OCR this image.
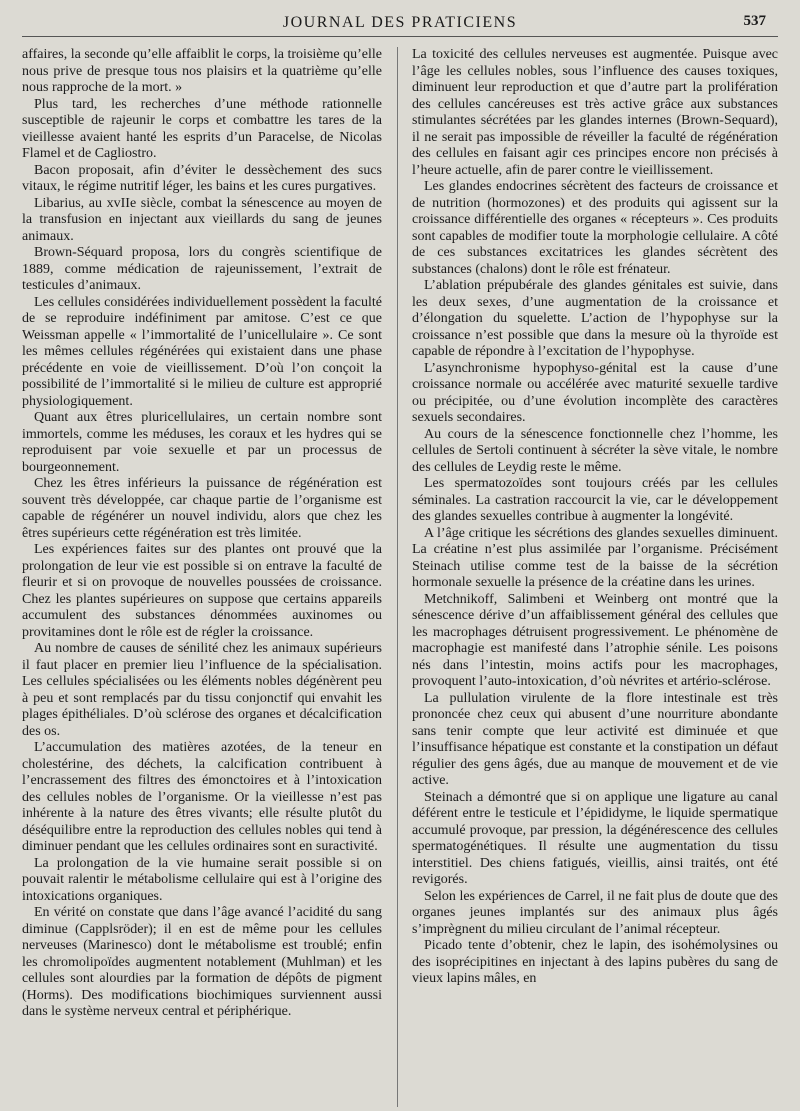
JOURNAL DES PRATICIENS	537

affaires, la seconde qu’elle affaiblit le corps, la troisième qu’elle nous prive de presque tous nos plaisirs et la quatrième qu’elle nous rapproche de la mort. »

Plus tard, les recherches d’une méthode rationnelle susceptible de rajeunir le corps et combattre les tares de la vieillesse avaient hanté les esprits d’un Paracelse, de Nicolas Flamel et de Cagliostro.

Bacon proposait, afin d’éviter le dessèchement des sucs vitaux, le régime nutritif léger, les bains et les cures purgatives.

Libarius, au xvIIe siècle, combat la sénescence au moyen de la transfusion en injectant aux vieillards du sang de jeunes animaux.

Brown-Séquard proposa, lors du congrès scientifique de 1889, comme médication de rajeunissement, l’extrait de testicules d’animaux.

Les cellules considérées individuellement possèdent la faculté de se reproduire indéfiniment par amitose. C’est ce que Weissman appelle « l’immortalité de l’unicellulaire ». Ce sont les mêmes cellules régénérées qui existaient dans une phase précédente en voie de vieillissement. D’où l’on conçoit la possibilité de l’immortalité si le milieu de culture est approprié physiologiquement.

Quant aux êtres pluricellulaires, un certain nombre sont immortels, comme les méduses, les coraux et les hydres qui se reproduisent par voie sexuelle et par un processus de bourgeonnement.

Chez les êtres inférieurs la puissance de régénération est souvent très développée, car chaque partie de l’organisme est capable de régénérer un nouvel individu, alors que chez les êtres supérieurs cette régénération est très limitée.

Les expériences faites sur des plantes ont prouvé que la prolongation de leur vie est possible si on entrave la faculté de fleurir et si on provoque de nouvelles poussées de croissance. Chez les plantes supérieures on suppose que certains appareils accumulent des substances dénommées auxinomes ou provitamines dont le rôle est de régler la croissance.

Au nombre de causes de sénilité chez les animaux supérieurs il faut placer en premier lieu l’influence de la spécialisation. Les cellules spécialisées ou les éléments nobles dégénèrent peu à peu et sont remplacés par du tissu conjonctif qui envahit les plages épithéliales. D’où sclérose des organes et décalcification des os.

L’accumulation des matières azotées, de la teneur en cholestérine, des déchets, la calcification contribuent à l’encrassement des filtres des émonctoires et à l’intoxication des cellules nobles de l’organisme. Or la vieillesse n’est pas inhérente à la nature des êtres vivants; elle résulte plutôt du déséquilibre entre la reproduction des cellules nobles qui tend à diminuer pendant que les cellules ordinaires sont en suractivité.

La prolongation de la vie humaine serait possible si on pouvait ralentir le métabolisme cellulaire qui est à l’origine des intoxications organiques.

En vérité on constate que dans l’âge avancé l’acidité du sang diminue (Capplsröder); il en est de même pour les cellules nerveuses (Marinesco) dont le métabolisme est troublé; enfin les chromolipoïdes augmentent notablement (Muhlman) et les cellules sont alourdies par la formation de dépôts de pigment (Horms). Des modifications biochimiques surviennent aussi dans le système nerveux central et périphérique.

La toxicité des cellules nerveuses est augmentée. Puisque avec l’âge les cellules nobles, sous l’influence des causes toxiques, diminuent leur reproduction et que d’autre part la prolifération des cellules cancéreuses est très active grâce aux substances stimulantes sécrétées par les glandes internes (Brown-Sequard), il ne serait pas impossible de réveiller la faculté de régénération des cellules en faisant agir ces principes encore non précisés à l’heure actuelle, afin de parer contre le vieillissement.

Les glandes endocrines sécrètent des facteurs de croissance et de nutrition (hormozones) et des produits qui agissent sur la croissance différentielle des organes « récepteurs ». Ces produits sont capables de modifier toute la morphologie cellulaire. A côté de ces substances excitatrices les glandes sécrètent des substances (chalons) dont le rôle est frénateur.

L’ablation prépubérale des glandes génitales est suivie, dans les deux sexes, d’une augmentation de la croissance et d’élongation du squelette. L’action de l’hypophyse sur la croissance n’est possible que dans la mesure où la thyroïde est capable de répondre à l’excitation de l’hypophyse.

L’asynchronisme hypophyso-génital est la cause d’une croissance normale ou accélérée avec maturité sexuelle tardive ou précipitée, ou d’une évolution incomplète des caractères sexuels secondaires.

Au cours de la sénescence fonctionnelle chez l’homme, les cellules de Sertoli continuent à sécréter la sève vitale, le nombre des cellules de Leydig reste le même.

Les spermatozoïdes sont toujours créés par les cellules séminales. La castration raccourcit la vie, car le développement des glandes sexuelles contribue à augmenter la longévité.

A l’âge critique les sécrétions des glandes sexuelles diminuent. La créatine n’est plus assimilée par l’organisme. Précisément Steinach utilise comme test de la baisse de la sécrétion hormonale sexuelle la présence de la créatine dans les urines.

Metchnikoff, Salimbeni et Weinberg ont montré que la sénescence dérive d’un affaiblissement général des cellules que les macrophages détruisent progressivement. Le phénomène de macrophagie est manifesté dans l’atrophie sénile. Les poisons nés dans l’intestin, moins actifs pour les macrophages, provoquent l’auto-intoxication, d’où névrites et artério-sclérose.

La pullulation virulente de la flore intestinale est très prononcée chez ceux qui abusent d’une nourriture abondante sans tenir compte que leur activité est diminuée et que l’insuffisance hépatique est constante et la constipation un défaut régulier des gens âgés, due au manque de mouvement et de vie active.

Steinach a démontré que si on applique une ligature au canal déférent entre le testicule et l’épididyme, le liquide spermatique accumulé provoque, par pression, la dégénérescence des cellules spermatogénétiques. Il résulte une augmentation du tissu interstitiel. Des chiens fatigués, vieillis, ainsi traités, ont été revigorés.

Selon les expériences de Carrel, il ne fait plus de doute que des organes jeunes implantés sur des animaux plus âgés s’imprègnent du milieu circulant de l’animal récepteur.

Picado tente d’obtenir, chez le lapin, des isohémolysines ou des isoprécipitines en injectant à des lapins pubères du sang de vieux lapins mâles, en
